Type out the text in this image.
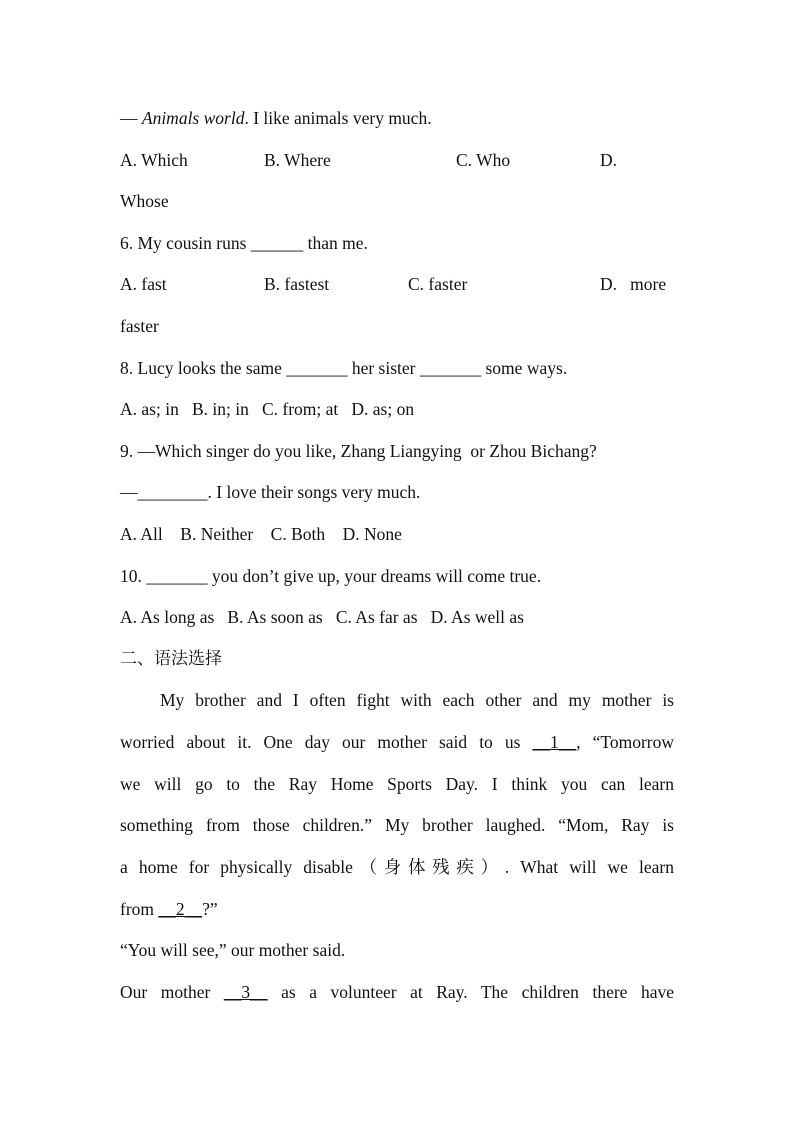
— Animals world. I like animals very much.
A. Which	B. Where	C. Who	D.
Whose
6. My cousin runs ______ than me.
A. fast	B. fastest	C. faster	D.   more
faster
8. Lucy looks the same _______ her sister _______ some ways.
A. as; in   B. in; in   C. from; at   D. as; on
9. —Which singer do you like, Zhang Liangying  or Zhou Bichang?
—________. I love their songs very much.
A. All    B. Neither    C. Both    D. None
10. _______ you don’t give up, your dreams will come true.
A. As long as   B. As soon as   C. As far as   D. As well as
二、语法选择
My brother and I often fight with each other and my mother is
worried about it. One day our mother said to us __1__, “Tomorrow
we will go to the Ray Home Sports Day. I think you can learn
something from those children.” My brother laughed. “Mom, Ray is
a home for physically disable（身体残疾）. What will we learn
from __2__?”
“You will see,” our mother said.
Our mother __3__ as a volunteer at Ray. The children there have
